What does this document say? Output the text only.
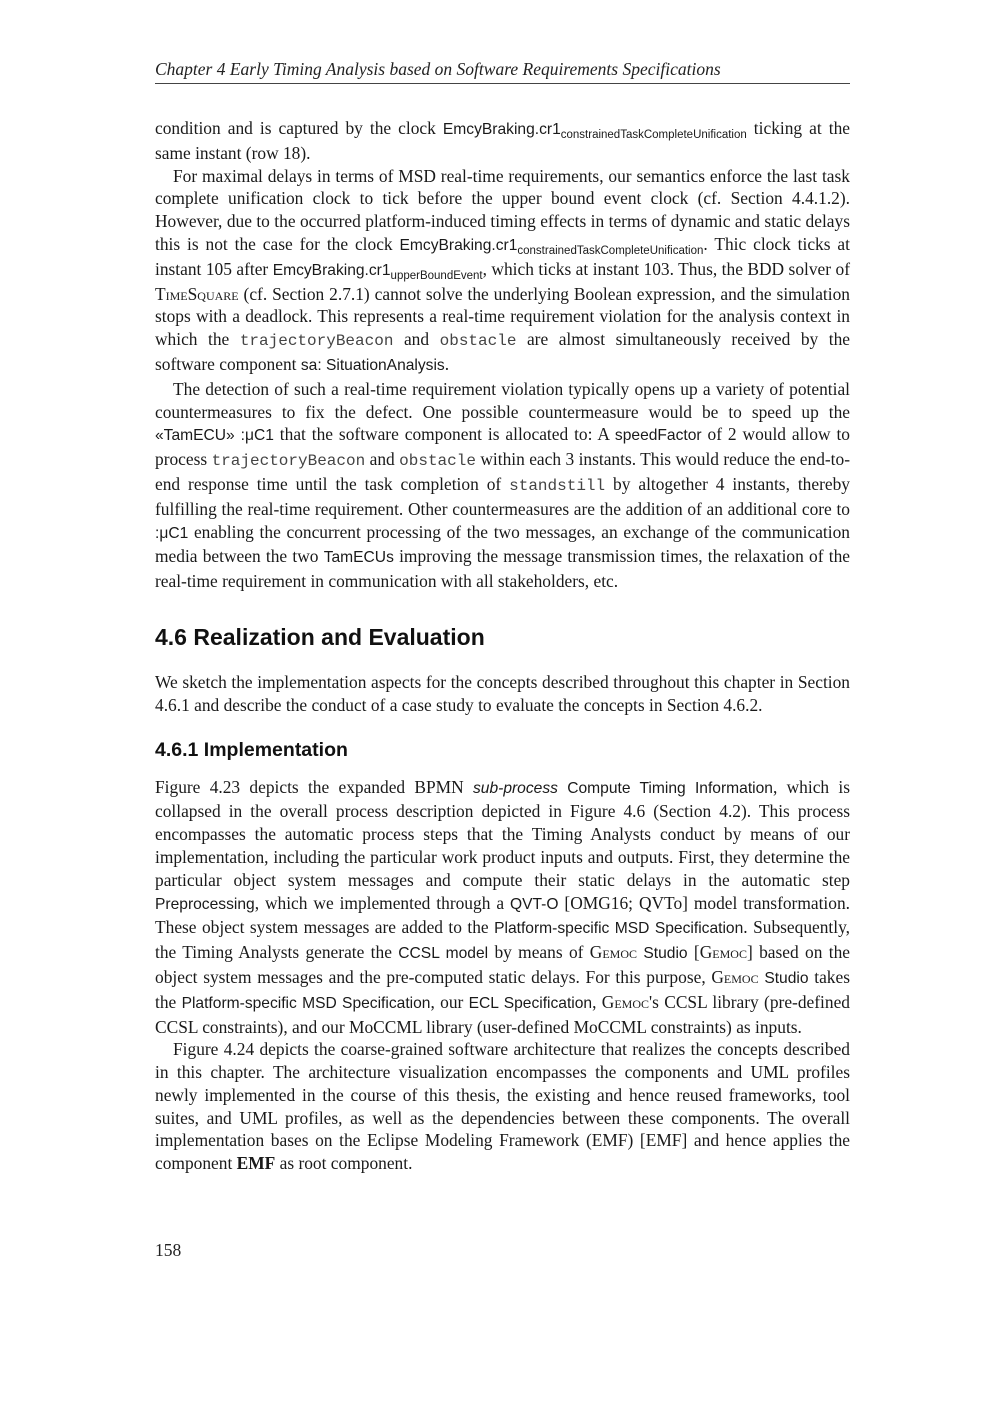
Chapter 4 Early Timing Analysis based on Software Requirements Specifications

condition and is captured by the clock $EmcyBraking.cr1_{constrainedTaskCompleteUnification}$ ticking at the same instant (row 18).

For maximal delays in terms of MSD real-time requirements, our semantics enforce the last task complete unification clock to tick before the upper bound event clock (cf. Section 4.4.1.2). However, due to the occurred platform-induced timing effects in terms of dynamic and static delays this is not the case for the clock $EmcyBraking.cr1_{constrainedTaskCompleteUnification}$. Thic clock ticks at instant 105 after $EmcyBraking.cr1_{upperBoundEvent}$, which ticks at instant 103. Thus, the BDD solver of TimeSquare (cf. Section 2.7.1) cannot solve the underlying Boolean expression, and the simulation stops with a deadlock. This represents a real-time requirement violation for the analysis context in which the trajectoryBeacon and obstacle are almost simultaneously received by the software component sa: SituationAnalysis.

The detection of such a real-time requirement violation typically opens up a variety of potential countermeasures to fix the defect. One possible countermeasure would be to speed up the «TamECU» :μC1 that the software component is allocated to: A speedFactor of 2 would allow to process trajectoryBeacon and obstacle within each 3 instants. This would reduce the end-to-end response time until the task completion of standstill by altogether 4 instants, thereby fulfilling the real-time requirement. Other countermeasures are the addition of an additional core to :μC1 enabling the concurrent processing of the two messages, an exchange of the communication media between the two TamECUs improving the message transmission times, the relaxation of the real-time requirement in communication with all stakeholders, etc.

4.6 Realization and Evaluation

We sketch the implementation aspects for the concepts described throughout this chapter in Section 4.6.1 and describe the conduct of a case study to evaluate the concepts in Section 4.6.2.

4.6.1 Implementation

Figure 4.23 depicts the expanded BPMN sub-process Compute Timing Information, which is collapsed in the overall process description depicted in Figure 4.6 (Section 4.2). This process encompasses the automatic process steps that the Timing Analysts conduct by means of our implementation, including the particular work product inputs and outputs. First, they determine the particular object system messages and compute their static delays in the automatic step Preprocessing, which we implemented through a QVT-O [OMG16; QVTo] model transformation. These object system messages are added to the Platform-specific MSD Specification. Subsequently, the Timing Analysts generate the CCSL model by means of Gemoc Studio [Gemoc] based on the object system messages and the pre-computed static delays. For this purpose, Gemoc Studio takes the Platform-specific MSD Specification, our ECL Specification, Gemoc's CCSL library (pre-defined CCSL constraints), and our MoCCML library (user-defined MoCCML constraints) as inputs.

Figure 4.24 depicts the coarse-grained software architecture that realizes the concepts described in this chapter. The architecture visualization encompasses the components and UML profiles newly implemented in the course of this thesis, the existing and hence reused frameworks, tool suites, and UML profiles, as well as the dependencies between these components. The overall implementation bases on the Eclipse Modeling Framework (EMF) [EMF] and hence applies the component EMF as root component.

158
